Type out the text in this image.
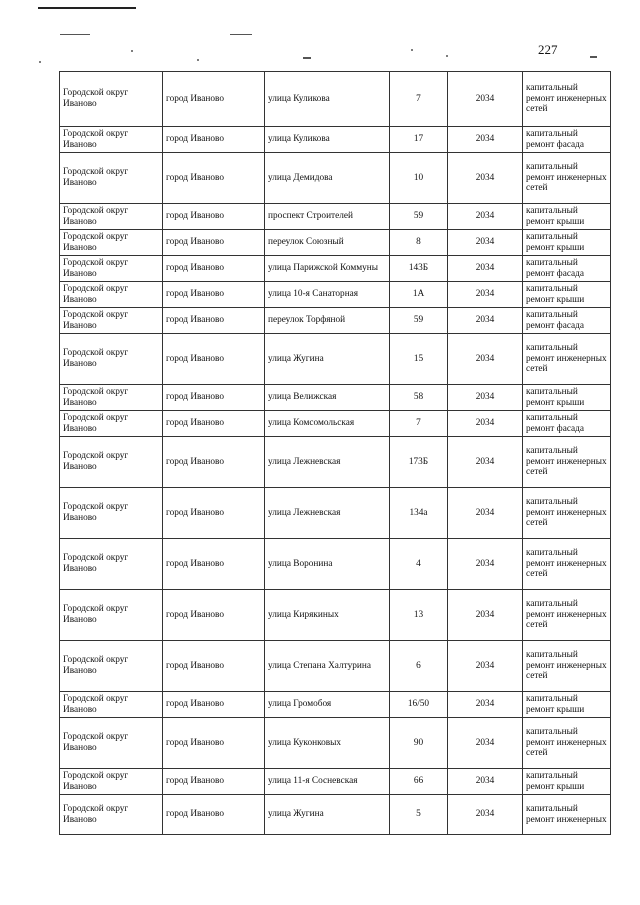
227
Городской округ Иваново	город Иваново	улица Куликова	7	2034	капитальный ремонт инженерных сетей
Городской округ Иваново	город Иваново	улица Куликова	17	2034	капитальный ремонт фасада
Городской округ Иваново	город Иваново	улица Демидова	10	2034	капитальный ремонт инженерных сетей
Городской округ Иваново	город Иваново	проспект Строителей	59	2034	капитальный ремонт крыши
Городской округ Иваново	город Иваново	переулок Союзный	8	2034	капитальный ремонт крыши
Городской округ Иваново	город Иваново	улица Парижской Коммуны	143Б	2034	капитальный ремонт фасада
Городской округ Иваново	город Иваново	улица 10-я Санаторная	1А	2034	капитальный ремонт крыши
Городской округ Иваново	город Иваново	переулок Торфяной	59	2034	капитальный ремонт фасада
Городской округ Иваново	город Иваново	улица Жугина	15	2034	капитальный ремонт инженерных сетей
Городской округ Иваново	город Иваново	улица Велижская	58	2034	капитальный ремонт крыши
Городской округ Иваново	город Иваново	улица Комсомольская	7	2034	капитальный ремонт фасада
Городской округ Иваново	город Иваново	улица Лежневская	173Б	2034	капитальный ремонт инженерных сетей
Городской округ Иваново	город Иваново	улица Лежневская	134а	2034	капитальный ремонт инженерных сетей
Городской округ Иваново	город Иваново	улица Воронина	4	2034	капитальный ремонт инженерных сетей
Городской округ Иваново	город Иваново	улица Кирякиных	13	2034	капитальный ремонт инженерных сетей
Городской округ Иваново	город Иваново	улица Степана Халтурина	6	2034	капитальный ремонт инженерных сетей
Городской округ Иваново	город Иваново	улица Громобоя	16/50	2034	капитальный ремонт крыши
Городской округ Иваново	город Иваново	улица Куконковых	90	2034	капитальный ремонт инженерных сетей
Городской округ Иваново	город Иваново	улица 11-я Сосневская	66	2034	капитальный ремонт крыши
Городской округ Иваново	город Иваново	улица Жугина	5	2034	капитальный ремонт инженерных
